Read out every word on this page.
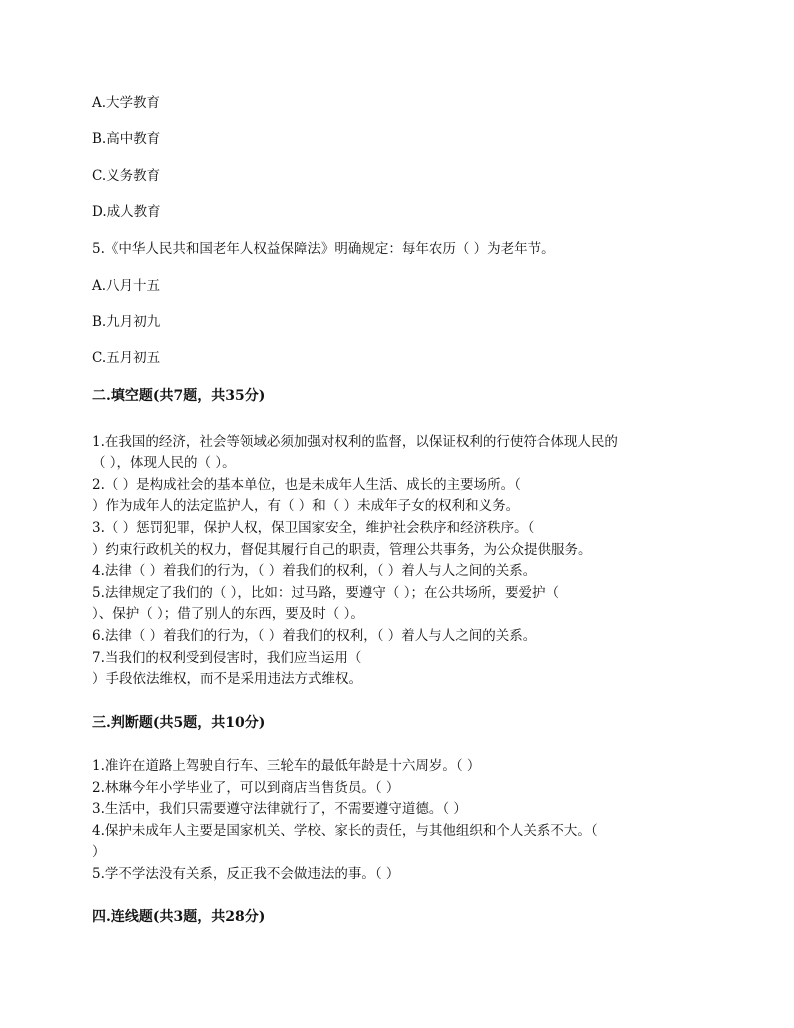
A.大学教育
B.高中教育
C.义务教育
D.成人教育
5.《中华人民共和国老年人权益保障法》明确规定：每年农历（ ）为老年节。
A.八月十五
B.九月初九
C.五月初五
二.填空题(共7题，共35分)
1.在我国的经济，社会等领域必须加强对权利的监督，以保证权利的行使符合体现人民的
（ ），体现人民的（ ）。
2.（ ）是构成社会的基本单位，也是未成年人生活、成长的主要场所。（
）作为成年人的法定监护人，有（ ）和（ ）未成年子女的权利和义务。
3.（ ）惩罚犯罪，保护人权，保卫国家安全，维护社会秩序和经济秩序。（
）约束行政机关的权力，督促其履行自己的职责，管理公共事务，为公众提供服务。
4.法律（ ）着我们的行为，（ ）着我们的权利，（ ）着人与人之间的关系。
5.法律规定了我们的（ ），比如：过马路，要遵守（ ）；在公共场所，要爱护（
）、保护（ ）；借了别人的东西，要及时（ ）。
6.法律（ ）着我们的行为，（ ）着我们的权利，（ ）着人与人之间的关系。
7.当我们的权利受到侵害时，我们应当运用（
）手段依法维权，而不是采用违法方式维权。
三.判断题(共5题，共10分)
1.准许在道路上驾驶自行车、三轮车的最低年龄是十六周岁。（ ）
2.林琳今年小学毕业了，可以到商店当售货员。（ ）
3.生活中，我们只需要遵守法律就行了，不需要遵守道德。（ ）
4.保护未成年人主要是国家机关、学校、家长的责任，与其他组织和个人关系不大。（
）
5.学不学法没有关系，反正我不会做违法的事。（ ）
四.连线题(共3题，共28分)
